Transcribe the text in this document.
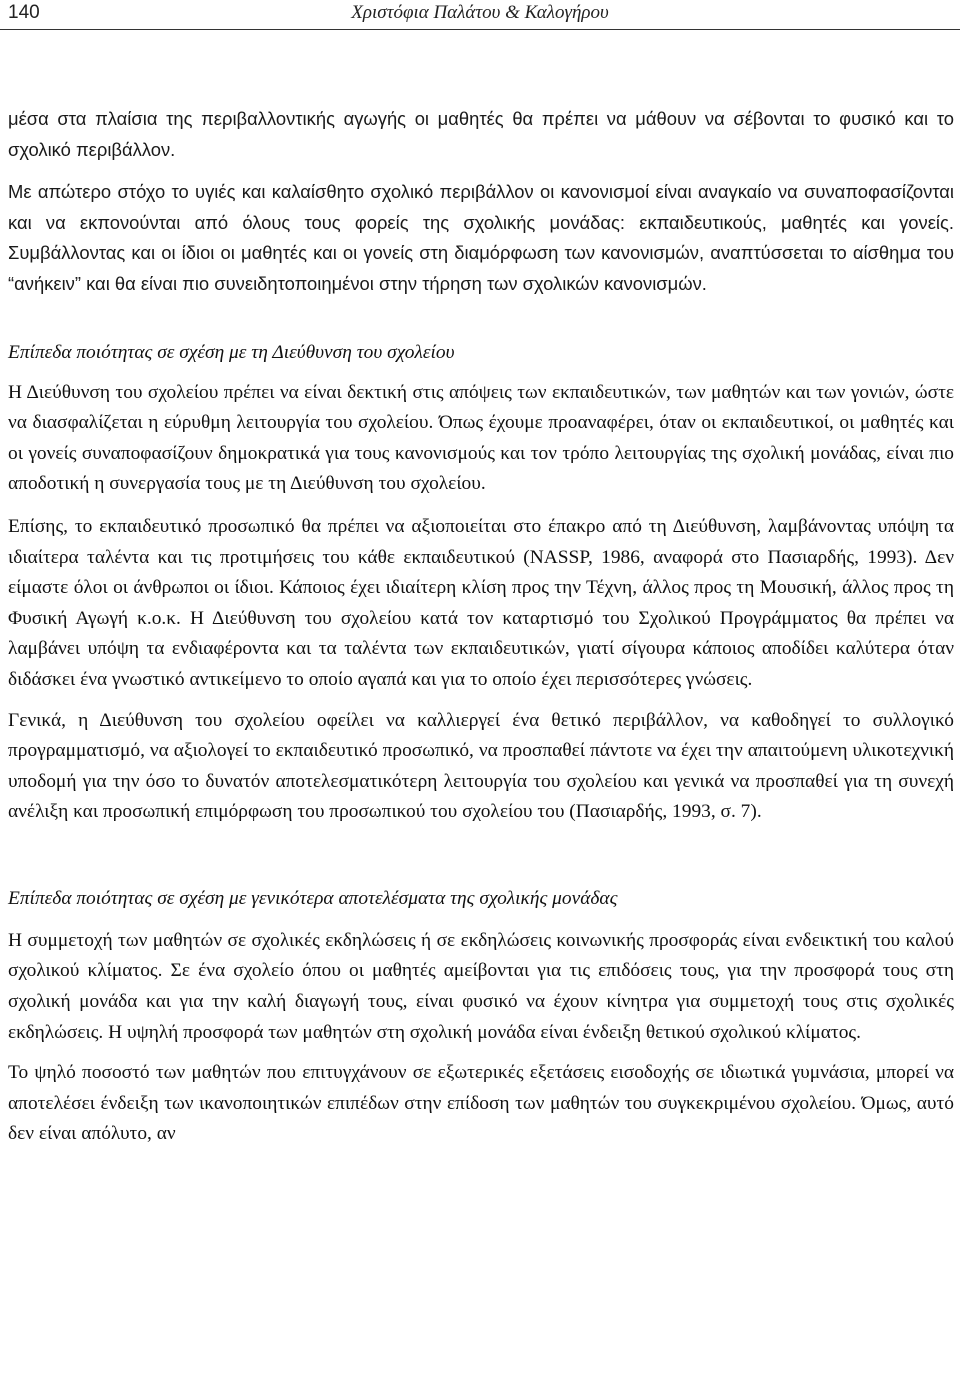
140	Χριστόφια Παλάτου & Καλογήρου

μέσα στα πλαίσια της περιβαλλοντικής αγωγής οι μαθητές θα πρέπει να μάθουν να σέβονται το φυσικό και το σχολικό περιβάλλον.

Με απώτερο στόχο το υγιές και καλαίσθητο σχολικό περιβάλλον οι κανονισμοί είναι αναγκαίο να συναποφασίζονται και να εκπονούνται από όλους τους φορείς της σχολικής μονάδας: εκπαιδευτικούς, μαθητές και γονείς. Συμβάλλοντας και οι ίδιοι οι μαθητές και οι γονείς στη διαμόρφωση των κανονισμών, αναπτύσσεται το αίσθημα του “ανήκειν” και θα είναι πιο συνειδητοποιημένοι στην τήρηση των σχολικών κανονισμών.

Επίπεδα ποιότητας σε σχέση με τη Διεύθυνση του σχολείου

Η Διεύθυνση του σχολείου πρέπει να είναι δεκτική στις απόψεις των εκπαιδευτικών, των μαθητών και των γονιών, ώστε να διασφαλίζεται η εύρυθμη λειτουργία του σχολείου. Όπως έχουμε προαναφέρει, όταν οι εκπαιδευτικοί, οι μαθητές και οι γονείς συναποφασίζουν δημοκρατικά για τους κανονισμούς και τον τρόπο λειτουργίας της σχολική μονάδας, είναι πιο αποδοτική η συνεργασία τους με τη Διεύθυνση του σχολείου.

Επίσης, το εκπαιδευτικό προσωπικό θα πρέπει να αξιοποιείται στο έπακρο από τη Διεύθυνση, λαμβάνοντας υπόψη τα ιδιαίτερα ταλέντα και τις προτιμήσεις του κάθε εκπαιδευτικού (NASSP, 1986, αναφορά στο Πασιαρδής, 1993). Δεν είμαστε όλοι οι άνθρωποι οι ίδιοι. Κάποιος έχει ιδιαίτερη κλίση προς την Τέχνη, άλλος προς τη Μουσική, άλλος προς τη Φυσική Αγωγή κ.ο.κ. Η Διεύθυνση του σχολείου κατά τον καταρτισμό του Σχολικού Προγράμματος θα πρέπει να λαμβάνει υπόψη τα ενδιαφέροντα και τα ταλέντα των εκπαιδευτικών, γιατί σίγουρα κάποιος αποδίδει καλύτερα όταν διδάσκει ένα γνωστικό αντικείμενο το οποίο αγαπά και για το οποίο έχει περισσότερες γνώσεις.

Γενικά, η Διεύθυνση του σχολείου οφείλει να καλλιεργεί ένα θετικό περιβάλλον, να καθοδηγεί το συλλογικό προγραμματισμό, να αξιολογεί το εκπαιδευτικό προσωπικό, να προσπαθεί πάντοτε να έχει την απαιτούμενη υλικοτεχνική υποδομή για την όσο το δυνατόν αποτελεσματικότερη λειτουργία του σχολείου και γενικά να προσπαθεί για τη συνεχή ανέλιξη και προσωπική επιμόρφωση του προσωπικού του σχολείου του (Πασιαρδής, 1993, σ. 7).

Επίπεδα ποιότητας σε σχέση με γενικότερα αποτελέσματα της σχολικής μονάδας

Η συμμετοχή των μαθητών σε σχολικές εκδηλώσεις ή σε εκδηλώσεις κοινωνικής προσφοράς είναι ενδεικτική του καλού σχολικού κλίματος. Σε ένα σχολείο όπου οι μαθητές αμείβονται για τις επιδόσεις τους, για την προσφορά τους στη σχολική μονάδα και για την καλή διαγωγή τους, είναι φυσικό να έχουν κίνητρα για συμμετοχή τους στις σχολικές εκδηλώσεις. Η υψηλή προσφορά των μαθητών στη σχολική μονάδα είναι ένδειξη θετικού σχολικού κλίματος.

Το ψηλό ποσοστό των μαθητών που επιτυγχάνουν σε εξωτερικές εξετάσεις εισοδοχής σε ιδιωτικά γυμνάσια, μπορεί να αποτελέσει ένδειξη των ικανοποιητικών επιπέδων στην επίδοση των μαθητών του συγκεκριμένου σχολείου. Όμως, αυτό δεν είναι απόλυτο, αν
